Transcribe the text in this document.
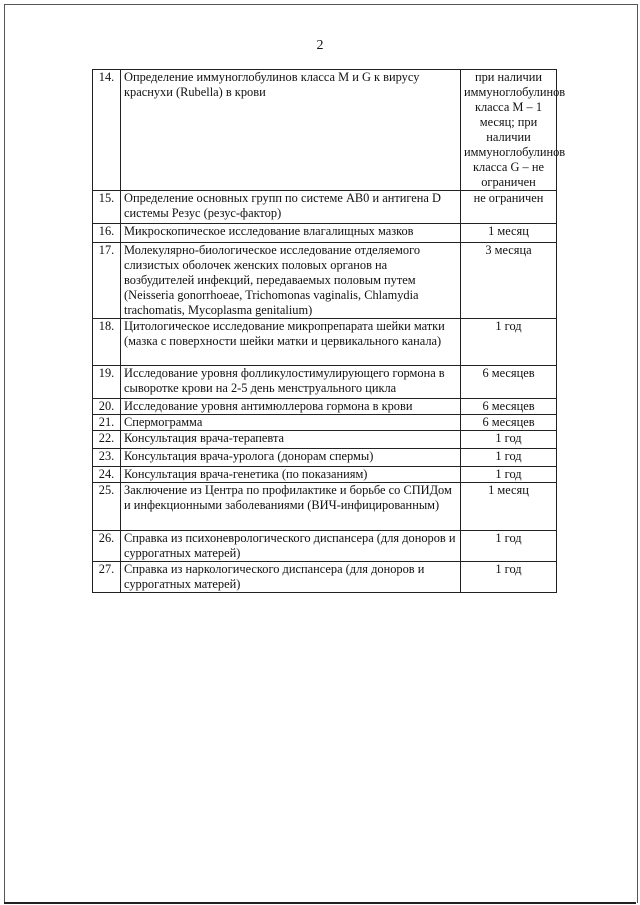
2
14.	Определение иммуноглобулинов класса М и G к вирусу краснухи (Rubella) в крови	при наличии иммуноглобулинов класса М – 1 месяц; при наличии иммуноглобулинов класса G – не ограничен
15.	Определение основных групп по системе АВ0 и антигена D системы Резус (резус-фактор)	не ограничен
16.	Микроскопическое исследование влагалищных мазков	1 месяц
17.	Молекулярно-биологическое исследование отделяемого слизистых оболочек женских половых органов на возбудителей инфекций, передаваемых половым путем (Neisseria gonorrhoeae, Trichomonas vaginalis, Chlamydia trachomatis, Mycoplasma genitalium)	3 месяца
18.	Цитологическое исследование микропрепарата шейки матки (мазка с поверхности шейки матки и цервикального канала)	1 год
19.	Исследование уровня фолликулостимулирующего гормона в сыворотке крови на 2-5 день менструального цикла	6 месяцев
20.	Исследование уровня антимюллерова гормона в крови	6 месяцев
21.	Спермограмма	6 месяцев
22.	Консультация врача-терапевта	1 год
23.	Консультация врача-уролога (донорам спермы)	1 год
24.	Консультация врача-генетика (по показаниям)	1 год
25.	Заключение из Центра по профилактике и борьбе со СПИДом и инфекционными заболеваниями (ВИЧ-инфицированным)	1 месяц
26.	Справка из психоневрологического диспансера (для доноров и суррогатных матерей)	1 год
27.	Справка из наркологического диспансера (для доноров и суррогатных матерей)	1 год
